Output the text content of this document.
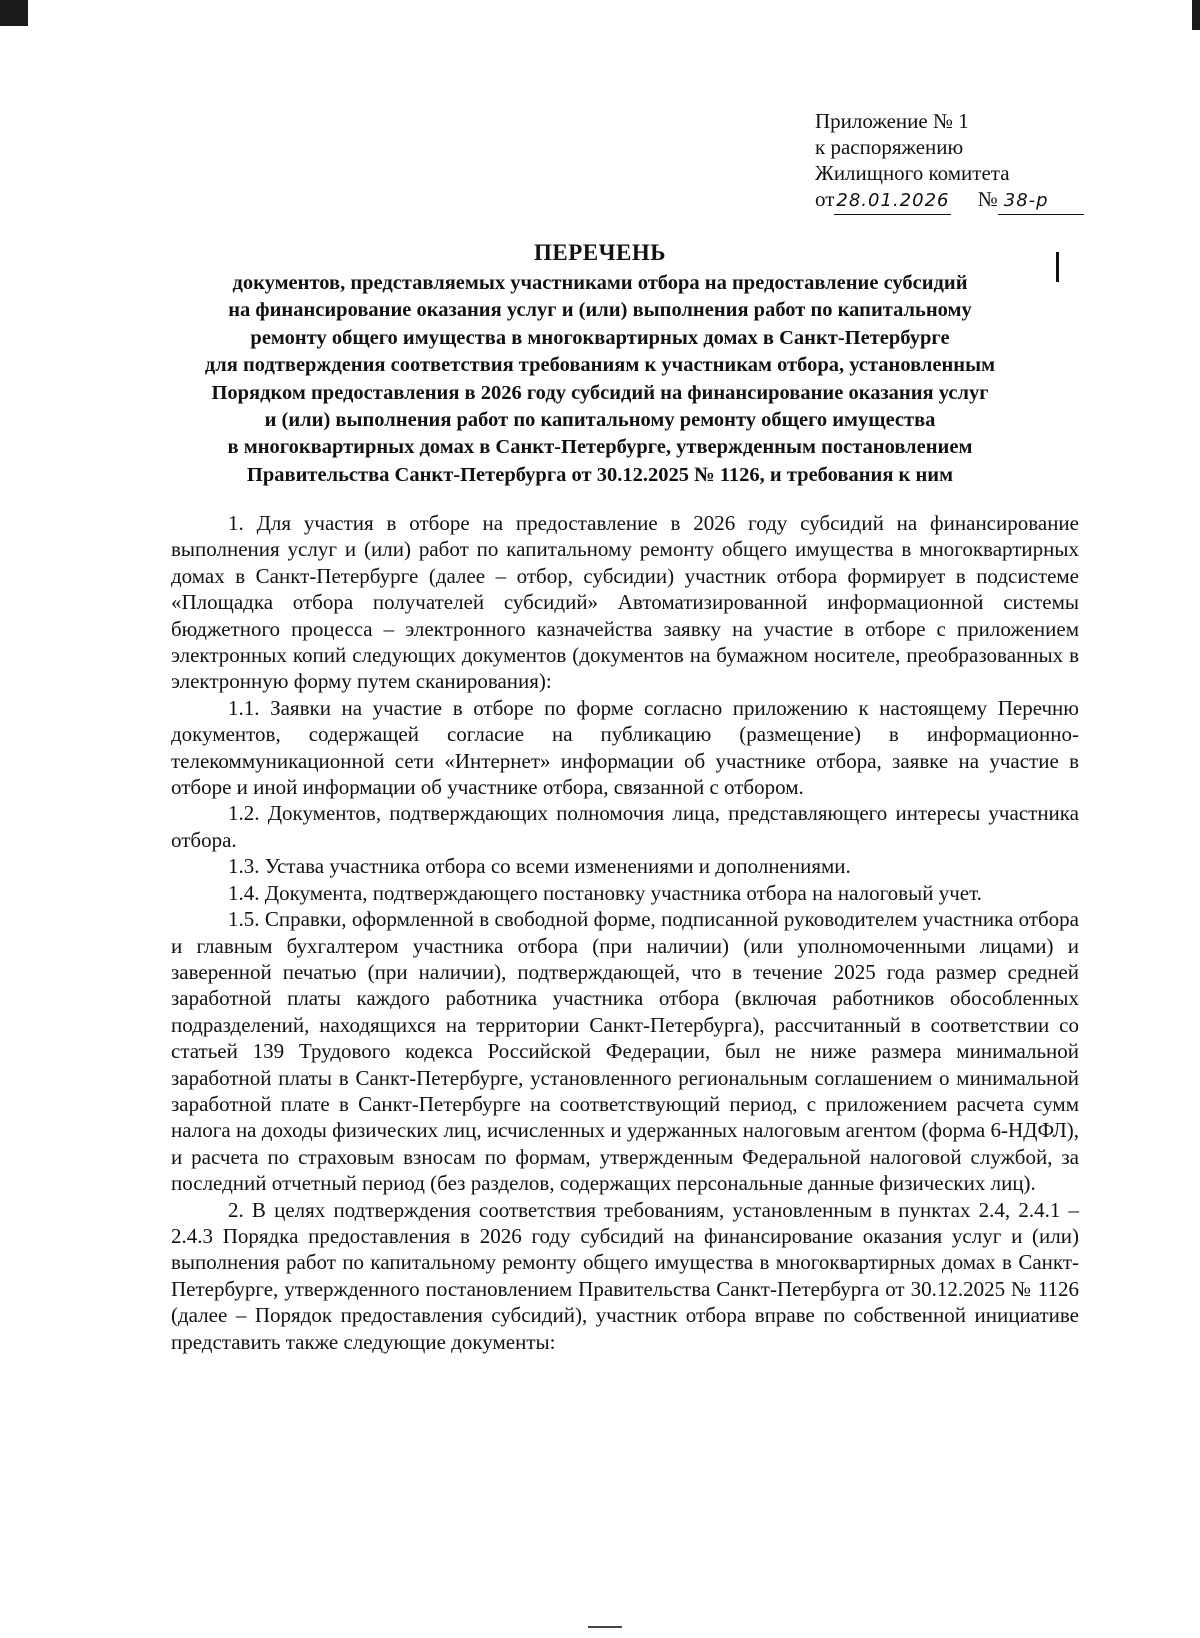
Приложение № 1
к распоряжению
Жилищного комитета
от 28.01.2026 № 38-р
ПЕРЕЧЕНЬ
документов, представляемых участниками отбора на предоставление субсидий
на финансирование оказания услуг и (или) выполнения работ по капитальному
ремонту общего имущества в многоквартирных домах в Санкт-Петербурге
для подтверждения соответствия требованиям к участникам отбора, установленным
Порядком предоставления в 2026 году субсидий на финансирование оказания услуг
и (или) выполнения работ по капитальному ремонту общего имущества
в многоквартирных домах в Санкт-Петербурге, утвержденным постановлением
Правительства Санкт-Петербурга от 30.12.2025 № 1126, и требования к ним

1. Для участия в отборе на предоставление в 2026 году субсидий на финансирование выполнения услуг и (или) работ по капитальному ремонту общего имущества в многоквартирных домах в Санкт-Петербурге (далее – отбор, субсидии) участник отбора формирует в подсистеме «Площадка отбора получателей субсидий» Автоматизированной информационной системы бюджетного процесса – электронного казначейства заявку на участие в отборе с приложением электронных копий следующих документов (документов на бумажном носителе, преобразованных в электронную форму путем сканирования):

1.1. Заявки на участие в отборе по форме согласно приложению к настоящему Перечню документов, содержащей согласие на публикацию (размещение) в информационно-телекоммуникационной сети «Интернет» информации об участнике отбора, заявке на участие в отборе и иной информации об участнике отбора, связанной с отбором.

1.2. Документов, подтверждающих полномочия лица, представляющего интересы участника отбора.

1.3. Устава участника отбора со всеми изменениями и дополнениями.

1.4. Документа, подтверждающего постановку участника отбора на налоговый учет.

1.5. Справки, оформленной в свободной форме, подписанной руководителем участника отбора и главным бухгалтером участника отбора (при наличии) (или уполномоченными лицами) и заверенной печатью (при наличии), подтверждающей, что в течение 2025 года размер средней заработной платы каждого работника участника отбора (включая работников обособленных подразделений, находящихся на территории Санкт-Петербурга), рассчитанный в соответствии со статьей 139 Трудового кодекса Российской Федерации, был не ниже размера минимальной заработной платы в Санкт-Петербурге, установленного региональным соглашением о минимальной заработной плате в Санкт-Петербурге на соответствующий период, с приложением расчета сумм налога на доходы физических лиц, исчисленных и удержанных налоговым агентом (форма 6-НДФЛ), и расчета по страховым взносам по формам, утвержденным Федеральной налоговой службой, за последний отчетный период (без разделов, содержащих персональные данные физических лиц).

2. В целях подтверждения соответствия требованиям, установленным в пунктах 2.4, 2.4.1 – 2.4.3 Порядка предоставления в 2026 году субсидий на финансирование оказания услуг и (или) выполнения работ по капитальному ремонту общего имущества в многоквартирных домах в Санкт-Петербурге, утвержденного постановлением Правительства Санкт-Петербурга от 30.12.2025 № 1126 (далее – Порядок предоставления субсидий), участник отбора вправе по собственной инициативе представить также следующие документы:
